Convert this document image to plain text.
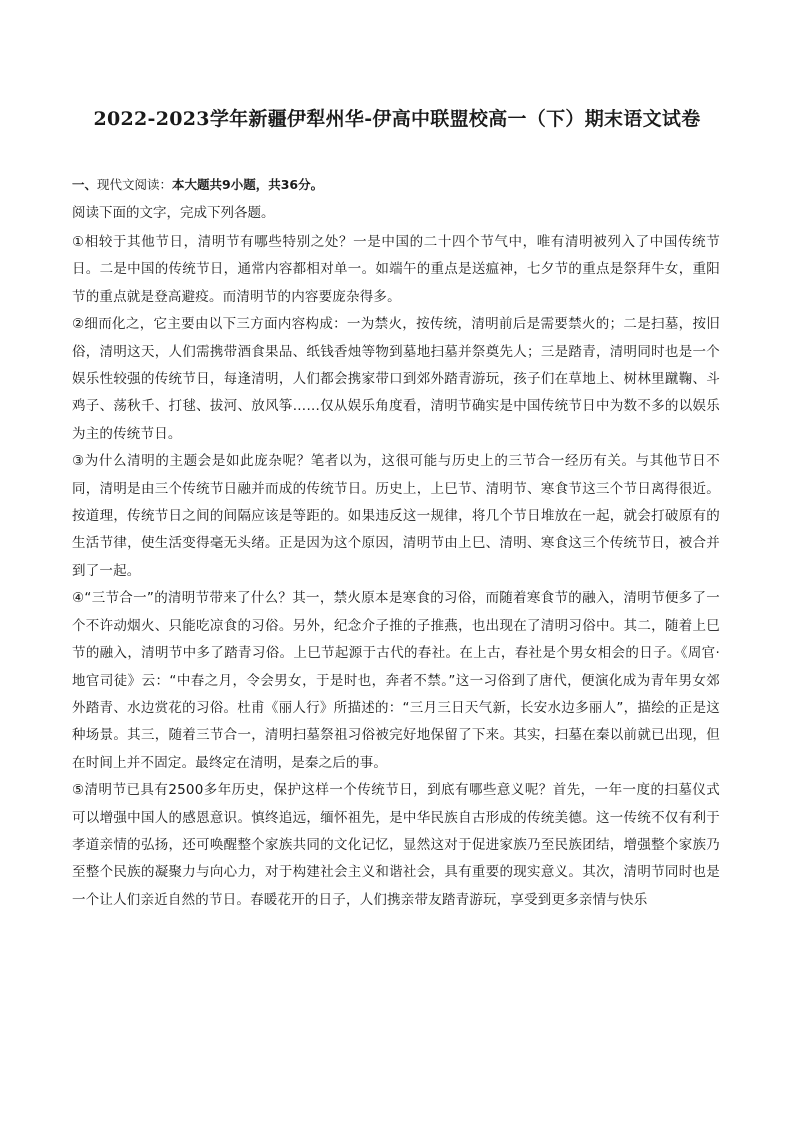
2022-2023学年新疆伊犁州华-伊高中联盟校高一（下）期末语文试卷

一、现代文阅读：本大题共9小题，共36分。

阅读下面的文字，完成下列各题。

①相较于其他节日，清明节有哪些特别之处？一是中国的二十四个节气中，唯有清明被列入了中国传统节日。二是中国的传统节日，通常内容都相对单一。如端午的重点是送瘟神，七夕节的重点是祭拜牛女，重阳节的重点就是登高避疫。而清明节的内容要庞杂得多。

②细而化之，它主要由以下三方面内容构成：一为禁火，按传统，清明前后是需要禁火的；二是扫墓，按旧俗，清明这天，人们需携带酒食果品、纸钱香烛等物到墓地扫墓并祭奠先人；三是踏青，清明同时也是一个娱乐性较强的传统节日，每逢清明，人们都会携家带口到郊外踏青游玩，孩子们在草地上、树林里蹴鞠、斗鸡子、荡秋千、打毬、拔河、放风筝……仅从娱乐角度看，清明节确实是中国传统节日中为数不多的以娱乐为主的传统节日。

③为什么清明的主题会是如此庞杂呢？笔者以为，这很可能与历史上的三节合一经历有关。与其他节日不同，清明是由三个传统节日融并而成的传统节日。历史上，上巳节、清明节、寒食节这三个节日离得很近。按道理，传统节日之间的间隔应该是等距的。如果违反这一规律，将几个节日堆放在一起，就会打破原有的生活节律，使生活变得毫无头绪。正是因为这个原因，清明节由上巳、清明、寒食这三个传统节日，被合并到了一起。

④“三节合一”的清明节带来了什么？其一，禁火原本是寒食的习俗，而随着寒食节的融入，清明节便多了一个不许动烟火、只能吃凉食的习俗。另外，纪念介子推的子推燕，也出现在了清明习俗中。其二，随着上巳节的融入，清明节中多了踏青习俗。上巳节起源于古代的春社。在上古，春社是个男女相会的日子。《周官·地官司徒》云：“中春之月，令会男女，于是时也，奔者不禁。”这一习俗到了唐代，便演化成为青年男女郊外踏青、水边赏花的习俗。杜甫《丽人行》所描述的：“三月三日天气新，长安水边多丽人”，描绘的正是这种场景。其三，随着三节合一，清明扫墓祭祖习俗被完好地保留了下来。其实，扫墓在秦以前就已出现，但在时间上并不固定。最终定在清明，是秦之后的事。

⑤清明节已具有2500多年历史，保护这样一个传统节日，到底有哪些意义呢？首先，一年一度的扫墓仪式可以增强中国人的感恩意识。慎终追远，缅怀祖先，是中华民族自古形成的传统美德。这一传统不仅有利于孝道亲情的弘扬，还可唤醒整个家族共同的文化记忆，显然这对于促进家族乃至民族团结，增强整个家族乃至整个民族的凝聚力与向心力，对于构建社会主义和谐社会，具有重要的现实意义。其次，清明节同时也是一个让人们亲近自然的节日。春暖花开的日子，人们携亲带友踏青游玩，享受到更多亲情与快乐
